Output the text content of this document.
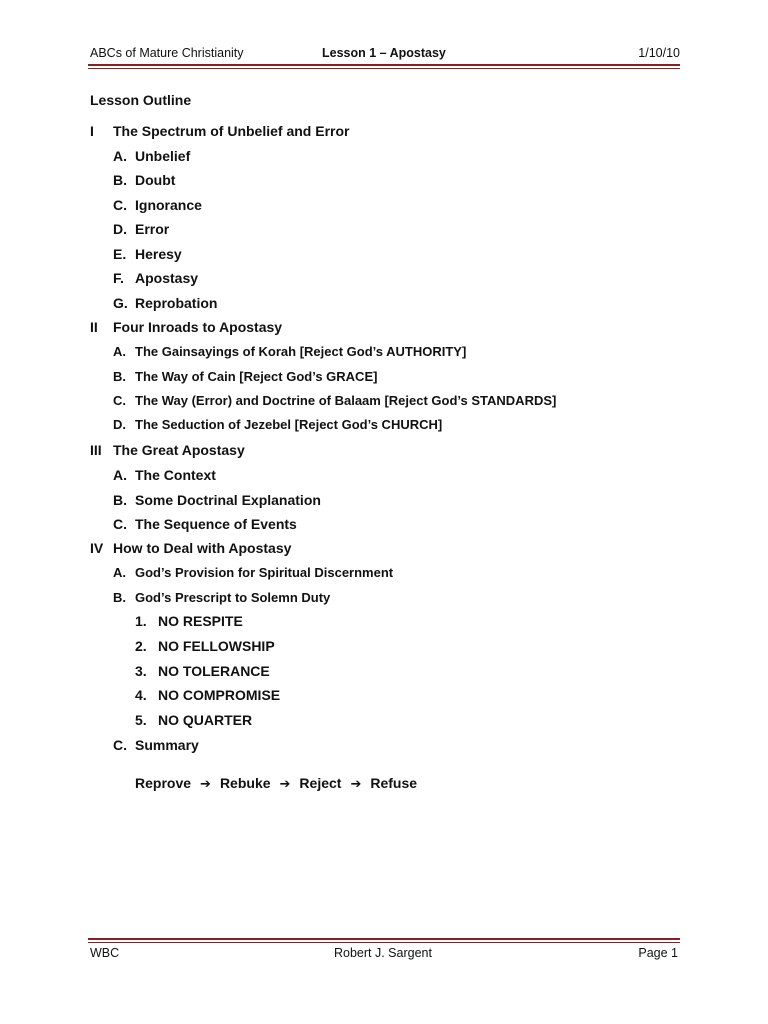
ABCs of Mature Christianity	Lesson 1 – Apostasy	1/10/10
Lesson Outline
I The Spectrum of Unbelief and Error
A. Unbelief
B. Doubt
C. Ignorance
D. Error
E. Heresy
F. Apostasy
G. Reprobation
II Four Inroads to Apostasy
A. The Gainsayings of Korah [Reject God’s AUTHORITY]
B. The Way of Cain [Reject God’s GRACE]
C. The Way (Error) and Doctrine of Balaam [Reject God’s STANDARDS]
D. The Seduction of Jezebel [Reject God’s CHURCH]
III The Great Apostasy
A. The Context
B. Some Doctrinal Explanation
C. The Sequence of Events
IV How to Deal with Apostasy
A. God’s Provision for Spiritual Discernment
B. God’s Prescript to Solemn Duty
1. NO RESPITE
2. NO FELLOWSHIP
3. NO TOLERANCE
4. NO COMPROMISE
5. NO QUARTER
C. Summary
Reprove ➔ Rebuke ➔ Reject ➔ Refuse
WBC	Robert J. Sargent	Page 1
